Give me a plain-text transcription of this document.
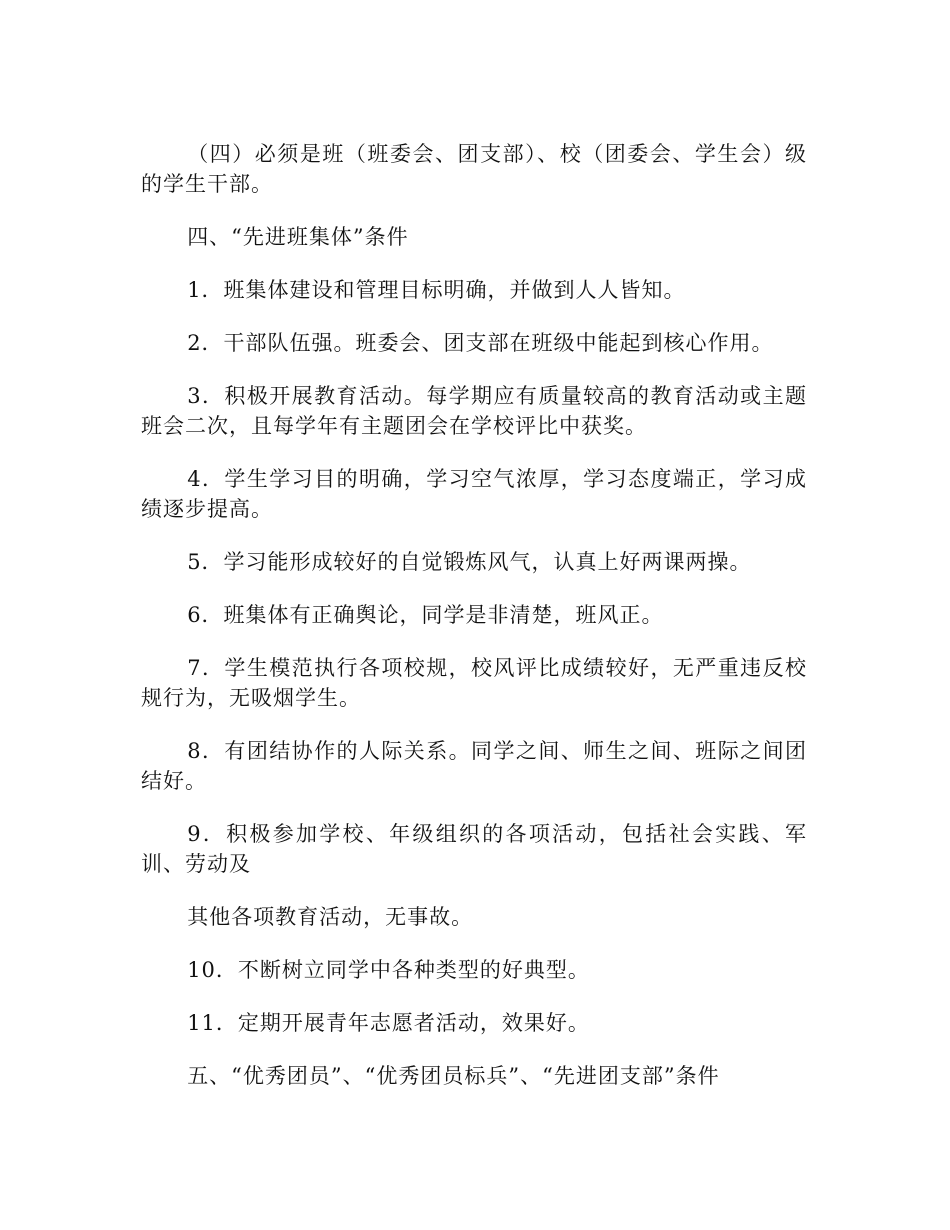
（四）必须是班（班委会、团支部）、校（团委会、学生会）级的学生干部。

四、“先进班集体”条件

1．班集体建设和管理目标明确，并做到人人皆知。

2．干部队伍强。班委会、团支部在班级中能起到核心作用。

3．积极开展教育活动。每学期应有质量较高的教育活动或主题班会二次，且每学年有主题团会在学校评比中获奖。

4．学生学习目的明确，学习空气浓厚，学习态度端正，学习成绩逐步提高。

5．学习能形成较好的自觉锻炼风气，认真上好两课两操。

6．班集体有正确舆论，同学是非清楚，班风正。

7．学生模范执行各项校规，校风评比成绩较好，无严重违反校规行为，无吸烟学生。

8．有团结协作的人际关系。同学之间、师生之间、班际之间团结好。

9．积极参加学校、年级组织的各项活动，包括社会实践、军训、劳动及

其他各项教育活动，无事故。

10．不断树立同学中各种类型的好典型。

11．定期开展青年志愿者活动，效果好。

五、“优秀团员”、“优秀团员标兵”、“先进团支部”条件
